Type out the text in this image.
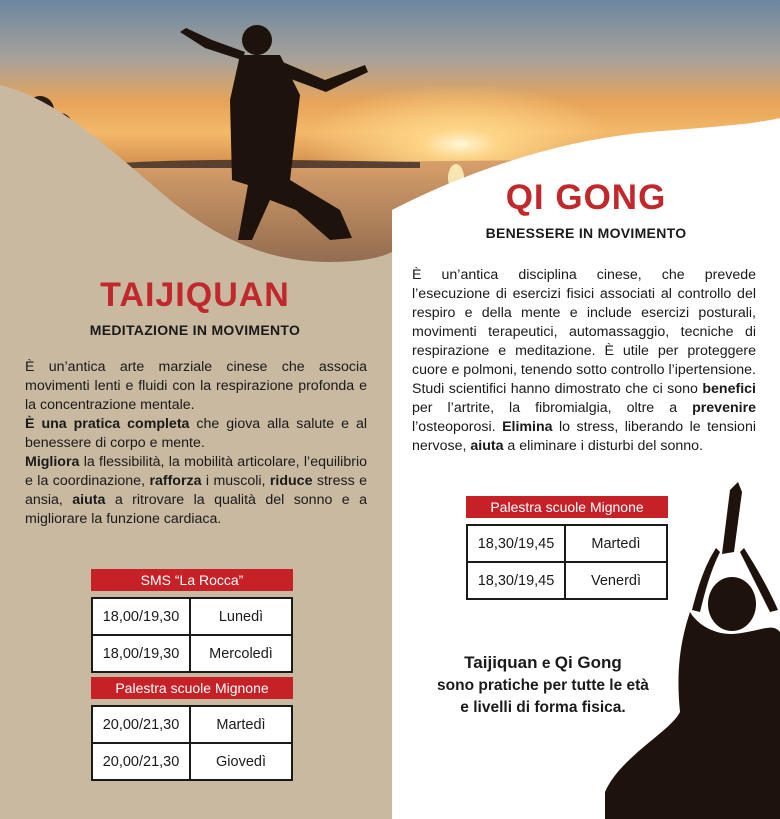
TAIJIQUAN
MEDITAZIONE IN MOVIMENTO

È un’antica arte marziale cinese che associa movimenti lenti e fluidi con la respirazione profonda e la concentrazione mentale.

È una pratica completa che giova alla salute e al benessere di corpo e mente.

Migliora la flessibilità, la mobilità articolare, l’equilibrio e la coordinazione, rafforza i muscoli, riduce stress e ansia, aiuta a ritrovare la qualità del sonno e a migliorare la funzione cardiaca.

SMS “La Rocca”
18,00/19,30	Lunedì
18,00/19,30	Mercoledì
Palestra scuole Mignone
20,00/21,30	Martedì
20,00/21,30	Giovedì
QI GONG
BENESSERE IN MOVIMENTO

È un’antica disciplina cinese, che prevede l’esecuzione di esercizi fisici associati al controllo del respiro e della mente e include esercizi posturali, movimenti terapeutici, automassaggio, tecniche di respirazione e meditazione. È utile per proteggere cuore e polmoni, tenendo sotto controllo l’ipertensione. Studi scientifici hanno dimostrato che ci sono benefici per l’artrite, la fibromialgia, oltre a prevenire l’osteoporosi. Elimina lo stress, liberando le tensioni nervose, aiuta a eliminare i disturbi del sonno.

Palestra scuole Mignone
18,30/19,45	Martedì
18,30/19,45	Venerdì
Taijiquan e Qi Gong
sono pratiche per tutte le età
e livelli di forma fisica.
